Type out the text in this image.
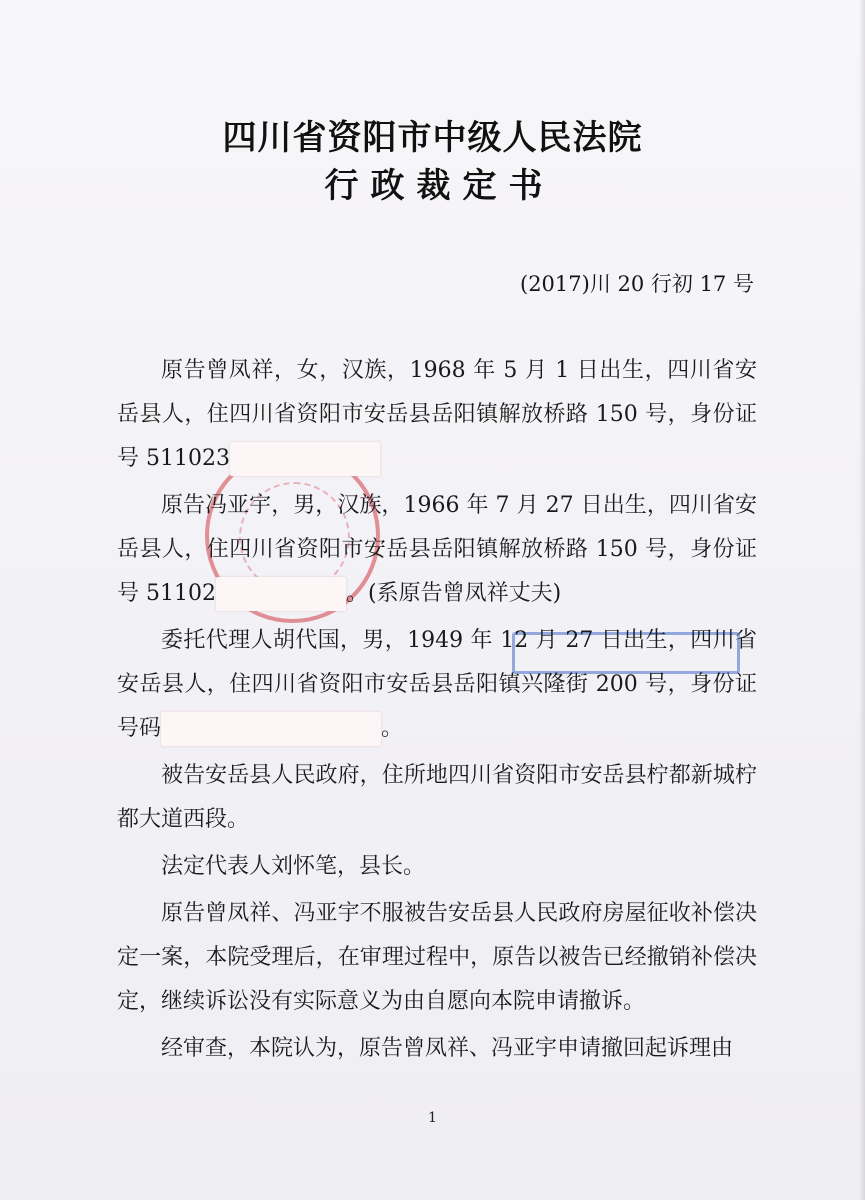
四川省资阳市中级人民法院
行政裁定书
(2017)川 20 行初 17 号

原告曾凤祥，女，汉族，1968 年 5 月 1 日出生，四川省安岳县人，住四川省资阳市安岳县岳阳镇解放桥路 150 号，身份证号 511023

原告冯亚宇，男，汉族，1966 年 7 月 27 日出生，四川省安岳县人，住四川省资阳市安岳县岳阳镇解放桥路 150 号，身份证号 51102	。(系原告曾凤祥丈夫)

委托代理人胡代国，男，1949 年 12 月 27 日出生，四川省安岳县人，住四川省资阳市安岳县岳阳镇兴隆街 200 号，身份证号码	。

被告安岳县人民政府，住所地四川省资阳市安岳县柠都新城柠都大道西段。

法定代表人刘怀笔，县长。

原告曾凤祥、冯亚宇不服被告安岳县人民政府房屋征收补偿决定一案，本院受理后，在审理过程中，原告以被告已经撤销补偿决定，继续诉讼没有实际意义为由自愿向本院申请撤诉。

经审查，本院认为，原告曾凤祥、冯亚宇申请撤回起诉理由

1
